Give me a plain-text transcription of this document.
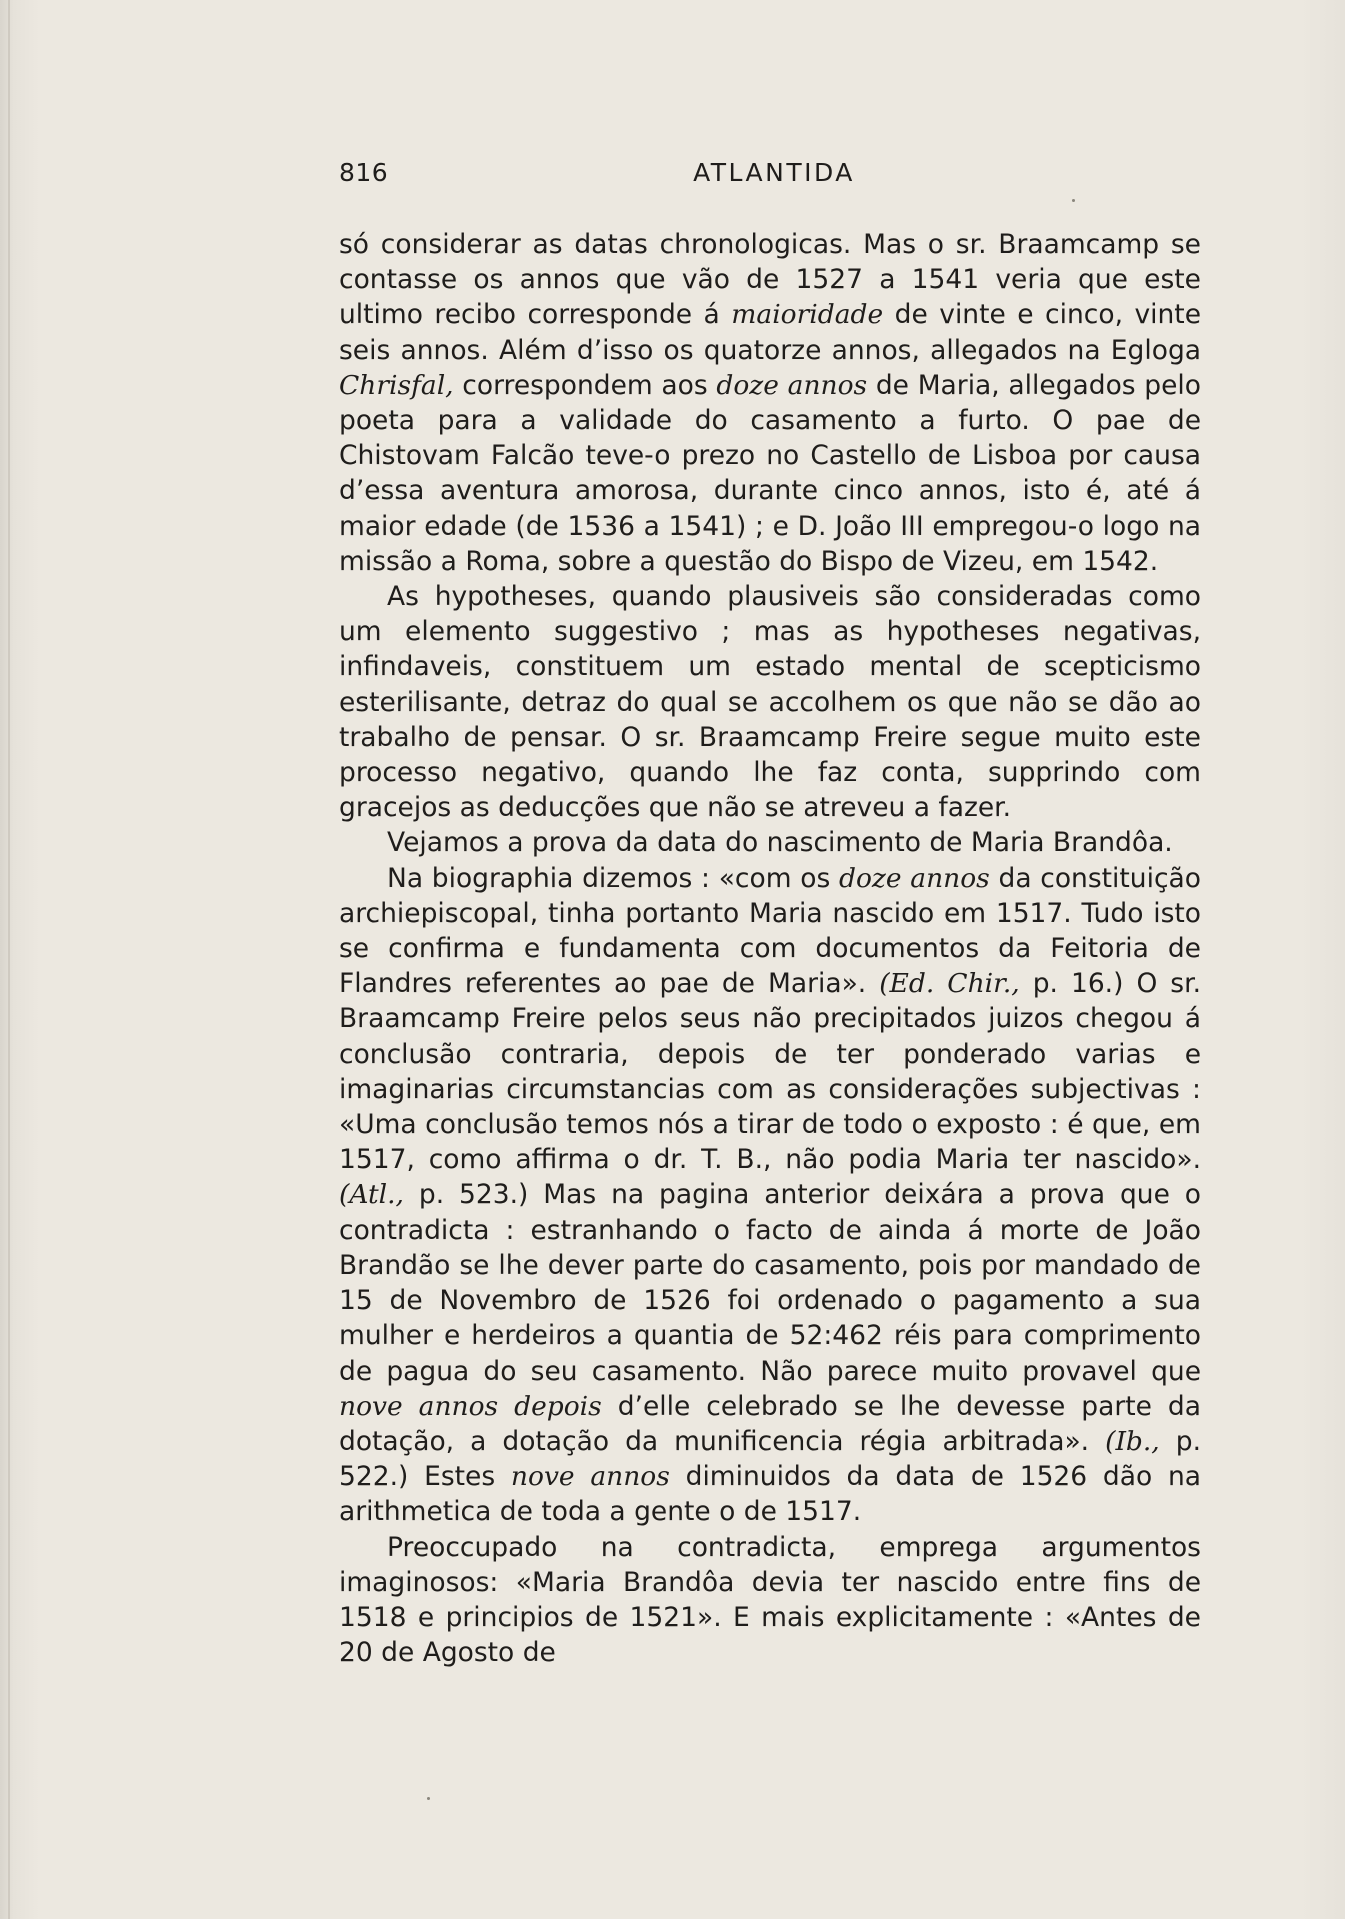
816	ATLANTIDA

só considerar as datas chronologicas. Mas o sr. Braamcamp se contasse os annos que vão de 1527 a 1541 veria que este ultimo recibo corresponde á maioridade de vinte e cinco, vinte seis annos. Além d’isso os quatorze annos, allegados na Egloga Chrisfal, correspondem aos doze annos de Maria, allegados pelo poeta para a validade do casamento a furto. O pae de Chistovam Falcão teve-o prezo no Castello de Lisboa por causa d’essa aventura amorosa, durante cinco annos, isto é, até á maior edade (de 1536 a 1541) ; e D. João III empregou-o logo na missão a Roma, sobre a questão do Bispo de Vizeu, em 1542.

As hypotheses, quando plausiveis são consideradas como um elemento suggestivo ; mas as hypotheses negativas, infindaveis, constituem um estado mental de scepticismo esterilisante, detraz do qual se accolhem os que não se dão ao trabalho de pensar. O sr. Braamcamp Freire segue muito este processo negativo, quando lhe faz conta, supprindo com gracejos as deducções que não se atreveu a fazer.

Vejamos a prova da data do nascimento de Maria Brandôa.

Na biographia dizemos : «com os doze annos da constituição archiepiscopal, tinha portanto Maria nascido em 1517. Tudo isto se confirma e fundamenta com documentos da Feitoria de Flandres referentes ao pae de Maria». (Ed. Chir., p. 16.) O sr. Braamcamp Freire pelos seus não precipitados juizos chegou á conclusão contraria, depois de ter ponderado varias e imaginarias circumstancias com as considerações subjectivas : «Uma conclusão temos nós a tirar de todo o exposto : é que, em 1517, como affirma o dr. T. B., não podia Maria ter nascido». (Atl., p. 523.) Mas na pagina anterior deixára a prova que o contradicta : estranhando o facto de ainda á morte de João Brandão se lhe dever parte do casamento, pois por mandado de 15 de Novembro de 1526 foi ordenado o pagamento a sua mulher e herdeiros a quantia de 52:462 réis para comprimento de pagua do seu casamento. Não parece muito provavel que nove annos depois d’elle celebrado se lhe devesse parte da dotação, a dotação da munificencia régia arbitrada». (Ib., p. 522.) Estes nove annos diminuidos da data de 1526 dão na arithmetica de toda a gente o de 1517.

Preoccupado na contradicta, emprega argumentos imaginosos: «Maria Brandôa devia ter nascido entre fins de 1518 e principios de 1521». E mais explicitamente : «Antes de 20 de Agosto de
